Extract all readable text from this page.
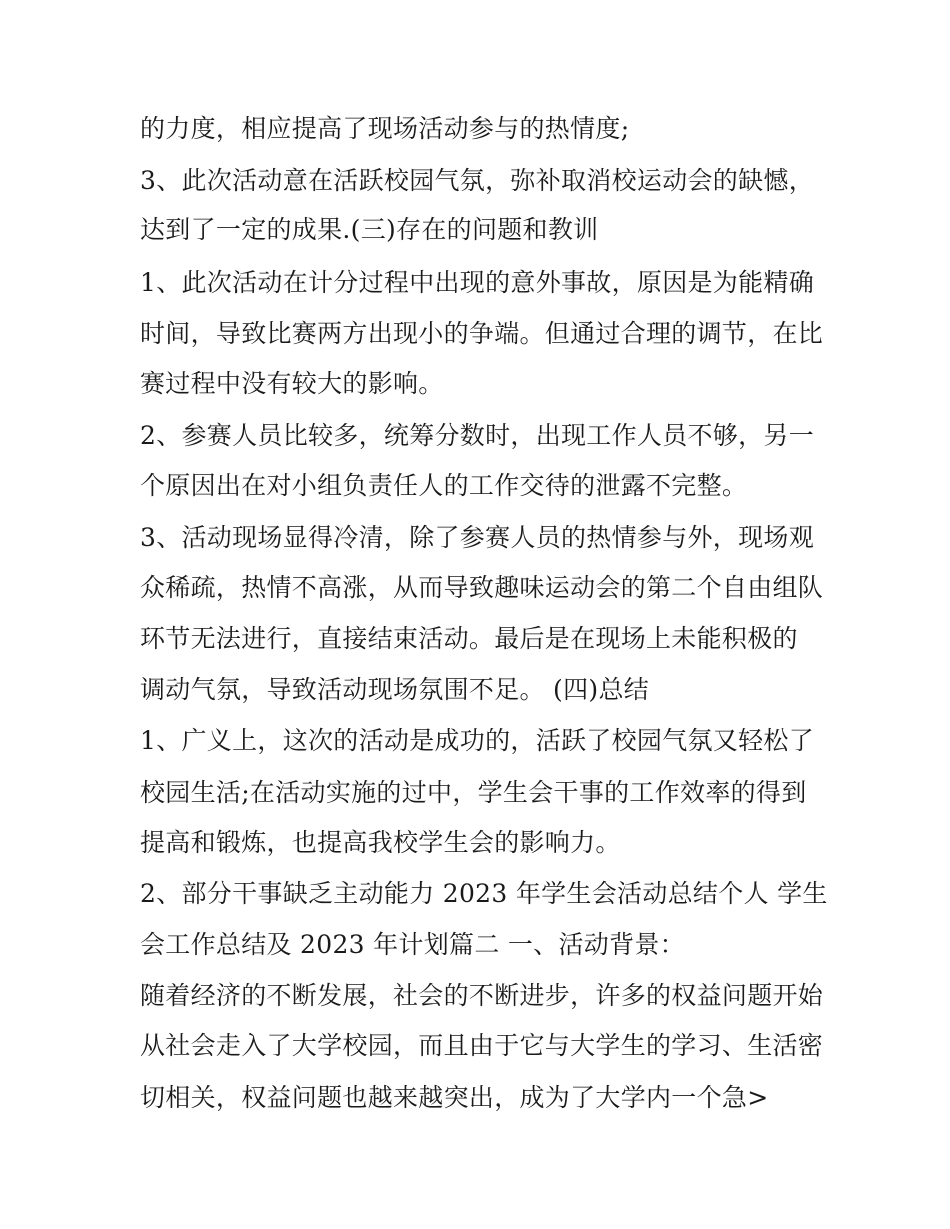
的力度，相应提高了现场活动参与的热情度;
3、此次活动意在活跃校园气氛，弥补取消校运动会的缺憾，
达到了一定的成果.(三)存在的问题和教训
1、此次活动在计分过程中出现的意外事故，原因是为能精确
时间，导致比赛两方出现小的争端。但通过合理的调节，在比
赛过程中没有较大的影响。
2、参赛人员比较多，统筹分数时，出现工作人员不够，另一
个原因出在对小组负责任人的工作交待的泄露不完整。
3、活动现场显得冷清，除了参赛人员的热情参与外，现场观
众稀疏，热情不高涨，从而导致趣味运动会的第二个自由组队
环节无法进行，直接结束活动。最后是在现场上未能积极的
调动气氛，导致活动现场氛围不足。 (四)总结
1、广义上，这次的活动是成功的，活跃了校园气氛又轻松了
校园生活;在活动实施的过中，学生会干事的工作效率的得到
提高和锻炼，也提高我校学生会的影响力。
2、部分干事缺乏主动能力 2023 年学生会活动总结个人 学生
会工作总结及 2023 年计划篇二 一、活动背景：
随着经济的不断发展，社会的不断进步，许多的权益问题开始
从社会走入了大学校园，而且由于它与大学生的学习、生活密
切相关，权益问题也越来越突出，成为了大学内一个急>
